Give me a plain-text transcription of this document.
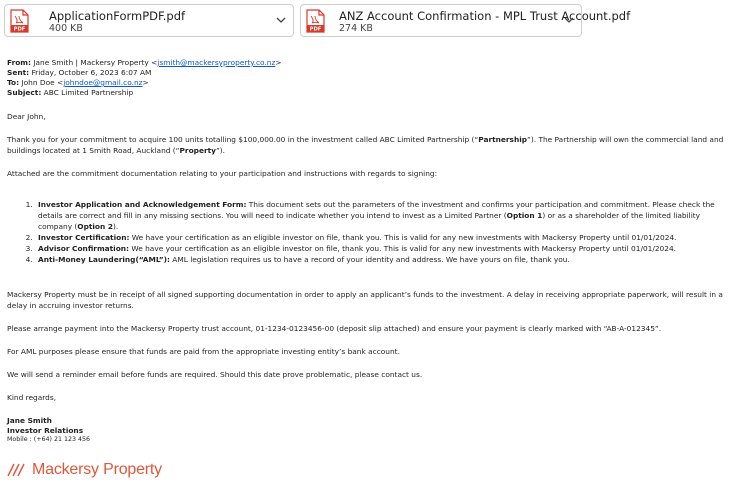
PDF
ApplicationFormPDF.pdf
400 KB	PDF
ANZ Account Confirmation - MPL Trust Account.pdf
274 KB
From: Jane Smith | Mackersy Property <jsmith@mackersyproperty.co.nz>
Sent: Friday, October 6, 2023 6:07 AM
To: John Doe <johndoe@gmail.co.nz>
Subject: ABC Limited Partnership

Dear John,

Thank you for your commitment to acquire 100 units totalling $100,000.00 in the investment called ABC Limited Partnership (“Partnership”). The Partnership will own the commercial land and buildings located at 1 Smith Road, Auckland (“Property”).

Attached are the commitment documentation relating to your participation and instructions with regards to signing:

1. Investor Application and Acknowledgement Form: This document sets out the parameters of the investment and confirms your participation and commitment. Please check the details are correct and fill in any missing sections. You will need to indicate whether you intend to invest as a Limited Partner (Option 1) or as a shareholder of the limited liability company (Option 2).
2. Investor Certification: We have your certification as an eligible investor on file, thank you. This is valid for any new investments with Mackersy Property until 01/01/2024.
3. Advisor Confirmation: We have your certification as an eligible investor on file, thank you. This is valid for any new investments with Mackersy Property until 01/01/2024.
4. Anti-Money Laundering(“AML”): AML legislation requires us to have a record of your identity and address. We have yours on file, thank you.

Mackersy Property must be in receipt of all signed supporting documentation in order to apply an applicant’s funds to the investment. A delay in receiving appropriate paperwork, will result in a delay in accruing investor returns.

Please arrange payment into the Mackersy Property trust account, 01-1234-0123456-00 (deposit slip attached) and ensure your payment is clearly marked with “AB-A-012345”.

For AML purposes please ensure that funds are paid from the appropriate investing entity’s bank account.

We will send a reminder email before funds are required. Should this date prove problematic, please contact us.

Kind regards,

Jane Smith
Investor Relations
Mobile : (+64) 21 123 456
Mackersy Property
